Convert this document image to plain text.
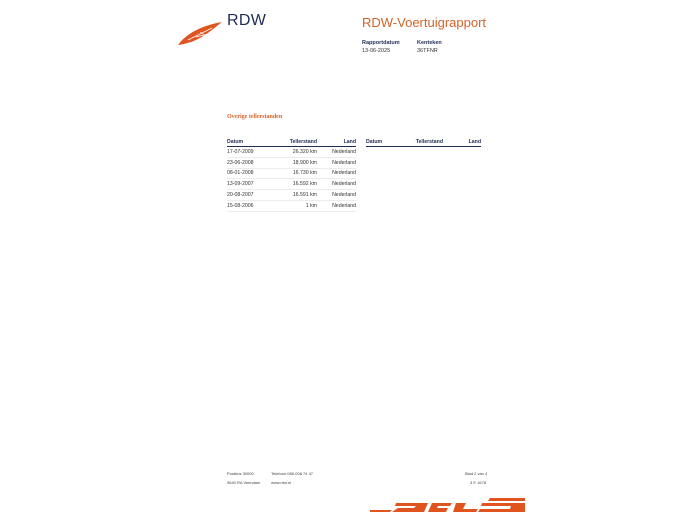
RDW	RDW-Voertuigrapport
Rapportdatum
13-06-2025
Kenteken
36TFNR
Overige tellerstanden
Datum	Tellerstand	Land
17-07-2009	26.320 km	Nederland
23-06-2008	18.900 km	Nederland
08-01-2008	16.730 km	Nederland
13-09-2007	16.592 km	Nederland
20-08-2007	16.591 km	Nederland
15-08-2006	1 km	Nederland
Datum	Tellerstand	Land
Postbus 30000
9640 RA Veendam
Telefoon 088-008 74 47
www.rdw.nl
Blad 2 van 4
3 E 1678
